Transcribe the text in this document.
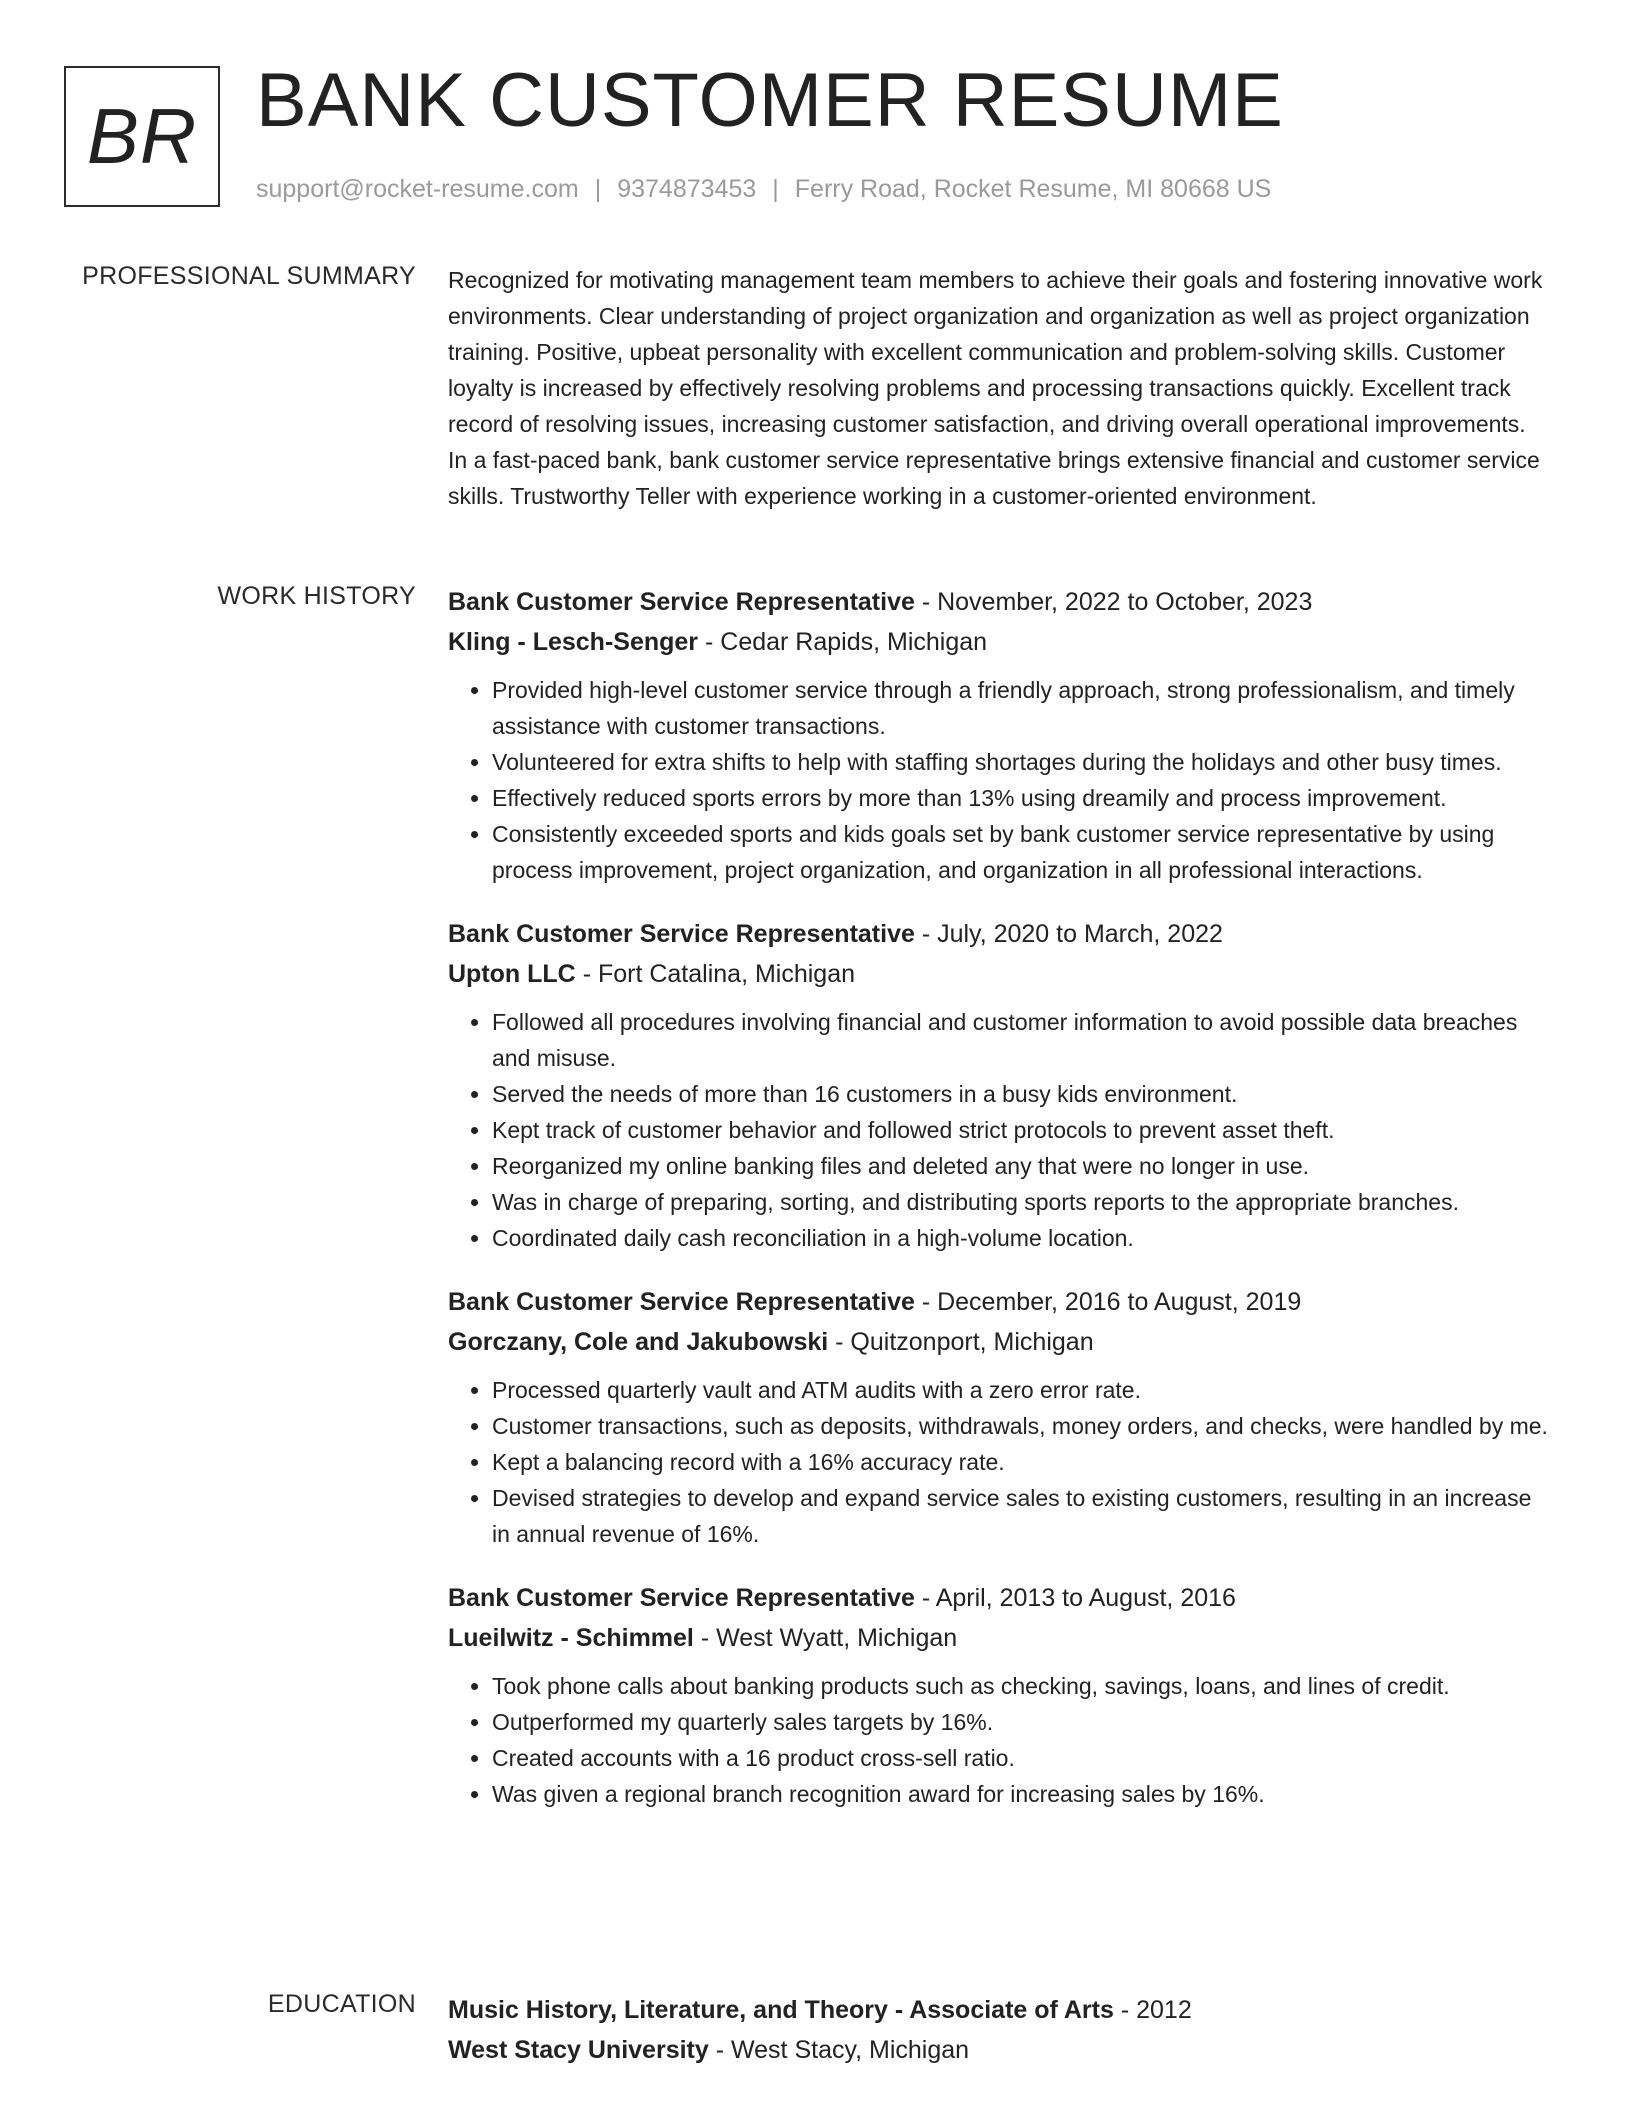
BR BANK CUSTOMER RESUME
support@rocket-resume.com | 9374873453 | Ferry Road, Rocket Resume, MI 80668 US
PROFESSIONAL SUMMARY Recognized for motivating management team members to achieve their goals and fostering innovative work environments. Clear understanding of project organization and organization as well as project organization training. Positive, upbeat personality with excellent communication and problem-solving skills. Customer loyalty is increased by effectively resolving problems and processing transactions quickly. Excellent track record of resolving issues, increasing customer satisfaction, and driving overall operational improvements. In a fast-paced bank, bank customer service representative brings extensive financial and customer service skills. Trustworthy Teller with experience working in a customer-oriented environment.

WORK HISTORY Bank Customer Service Representative - November, 2022 to October, 2023
Kling - Lesch-Senger - Cedar Rapids, Michigan
• Provided high-level customer service through a friendly approach, strong professionalism, and timely assistance with customer transactions.
• Volunteered for extra shifts to help with staffing shortages during the holidays and other busy times.
• Effectively reduced sports errors by more than 13% using dreamily and process improvement.
• Consistently exceeded sports and kids goals set by bank customer service representative by using process improvement, project organization, and organization in all professional interactions.
Bank Customer Service Representative - July, 2020 to March, 2022
Upton LLC - Fort Catalina, Michigan
• Followed all procedures involving financial and customer information to avoid possible data breaches and misuse.
• Served the needs of more than 16 customers in a busy kids environment.
• Kept track of customer behavior and followed strict protocols to prevent asset theft.
• Reorganized my online banking files and deleted any that were no longer in use.
• Was in charge of preparing, sorting, and distributing sports reports to the appropriate branches.
• Coordinated daily cash reconciliation in a high-volume location.
Bank Customer Service Representative - December, 2016 to August, 2019
Gorczany, Cole and Jakubowski - Quitzonport, Michigan
• Processed quarterly vault and ATM audits with a zero error rate.
• Customer transactions, such as deposits, withdrawals, money orders, and checks, were handled by me.
• Kept a balancing record with a 16% accuracy rate.
• Devised strategies to develop and expand service sales to existing customers, resulting in an increase in annual revenue of 16%.
Bank Customer Service Representative - April, 2013 to August, 2016
Lueilwitz - Schimmel - West Wyatt, Michigan
• Took phone calls about banking products such as checking, savings, loans, and lines of credit.
• Outperformed my quarterly sales targets by 16%.
• Created accounts with a 16 product cross-sell ratio.
• Was given a regional branch recognition award for increasing sales by 16%.
EDUCATION Music History, Literature, and Theory - Associate of Arts - 2012
West Stacy University - West Stacy, Michigan
